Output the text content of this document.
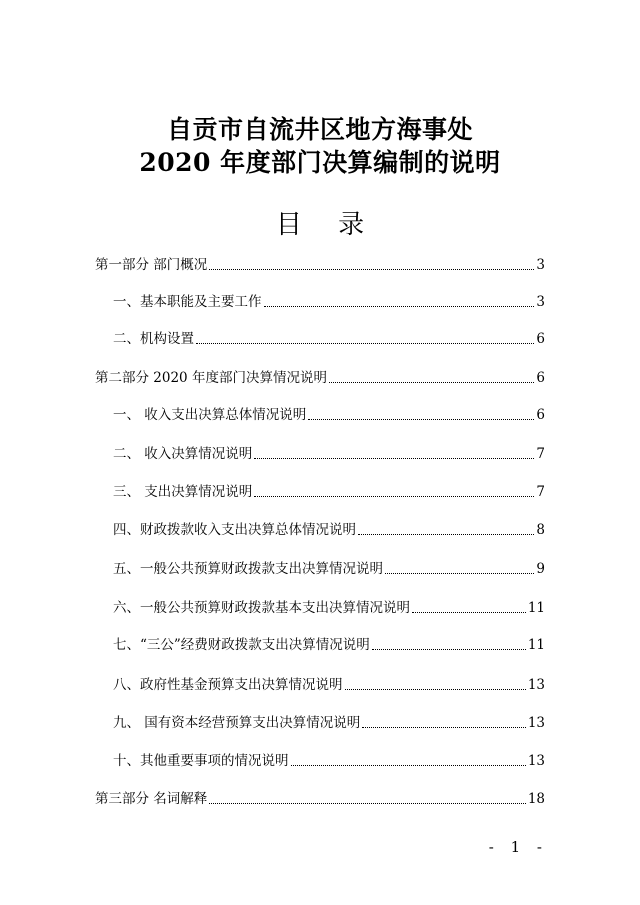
自贡市自流井区地方海事处
2020 年度部门决算编制的说明
目 录
第一部分 部门概况	3
一、基本职能及主要工作	3
二、机构设置	6
第二部分 2020 年度部门决算情况说明	6
一、 收入支出决算总体情况说明	6
二、 收入决算情况说明	7
三、 支出决算情况说明	7
四、财政拨款收入支出决算总体情况说明	8
五、一般公共预算财政拨款支出决算情况说明	9
六、一般公共预算财政拨款基本支出决算情况说明	11
七、“三公”经费财政拨款支出决算情况说明	11
八、政府性基金预算支出决算情况说明	13
九、 国有资本经营预算支出决算情况说明	13
十、其他重要事项的情况说明	13
第三部分 名词解释	18
- 1 -
